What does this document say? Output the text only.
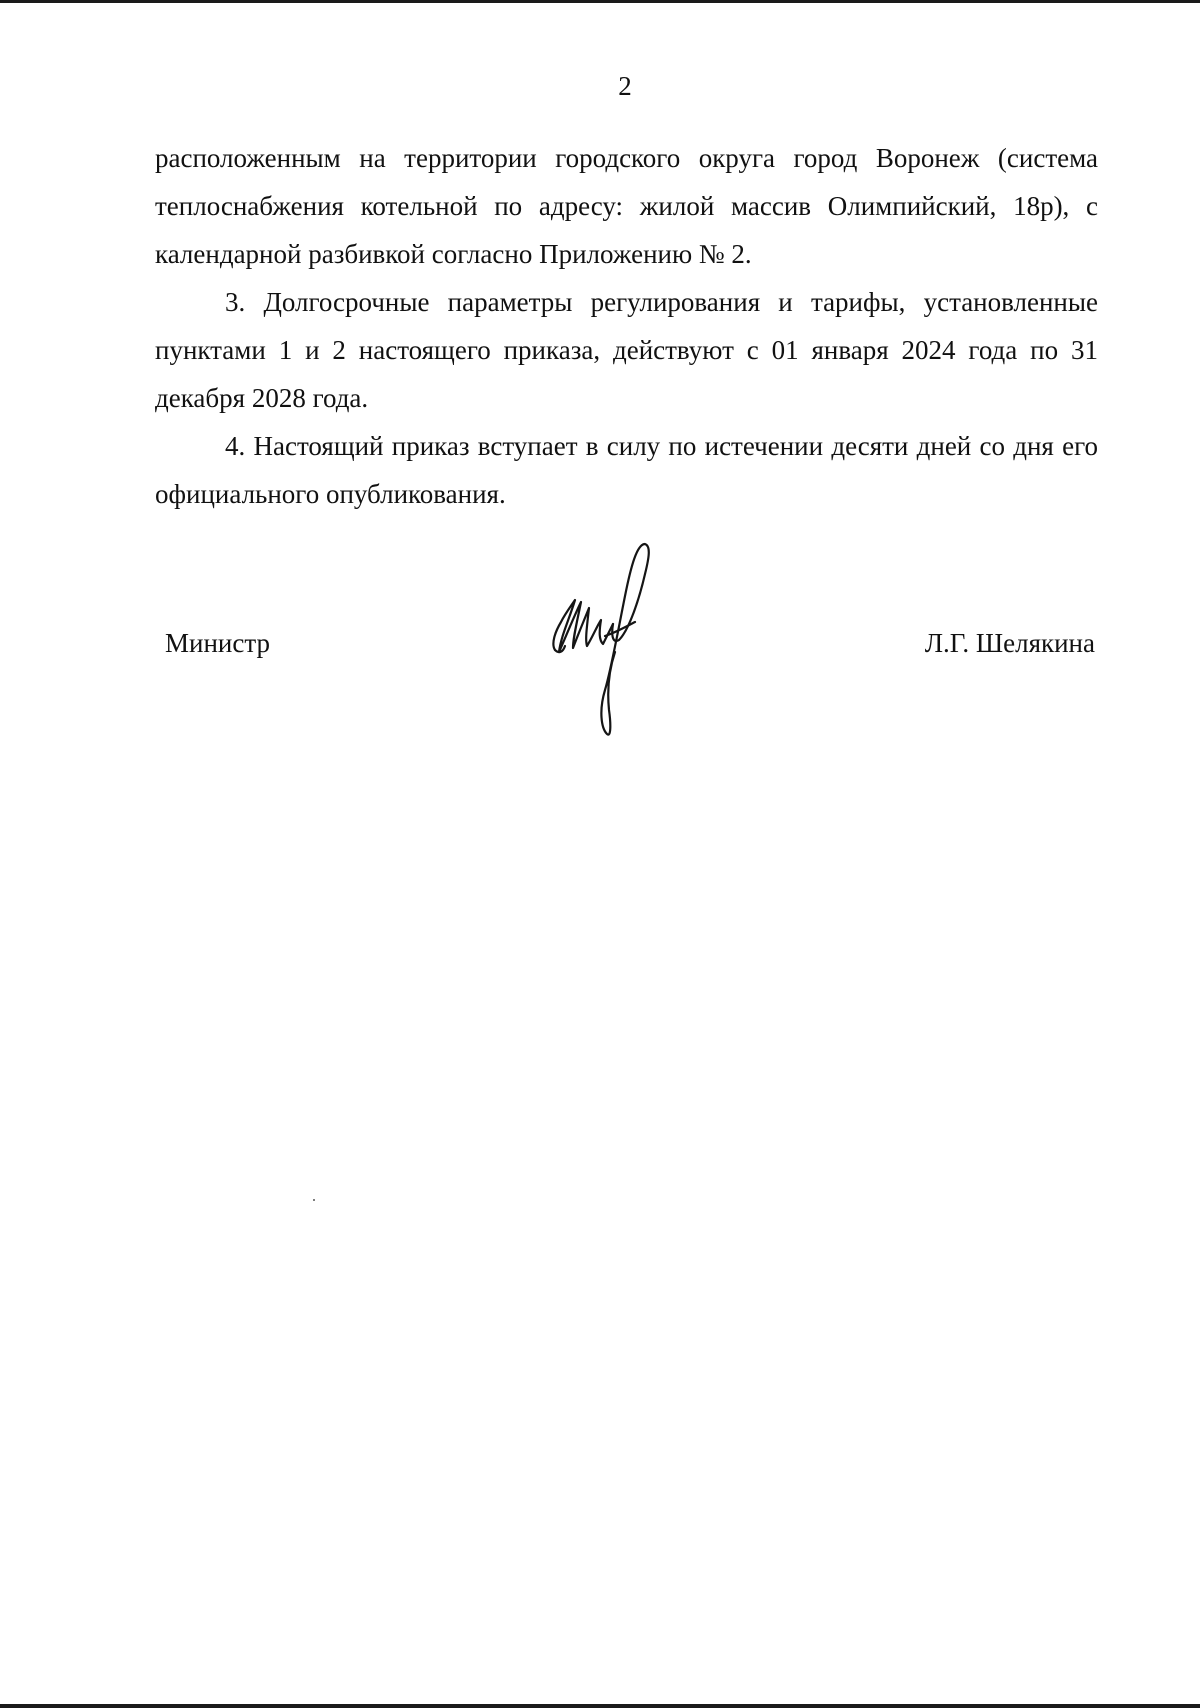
2

расположенным на территории городского округа город Воронеж (система теплоснабжения котельной по адресу: жилой массив Олимпийский, 18р), с календарной разбивкой согласно Приложению № 2.

3. Долгосрочные параметры регулирования и тарифы, установленные пунктами 1 и 2 настоящего приказа, действуют с 01 января 2024 года по 31 декабря 2028 года.

4. Настоящий приказ вступает в силу по истечении десяти дней со дня его официального опубликования.

Министр	Л.Г. Шелякина
